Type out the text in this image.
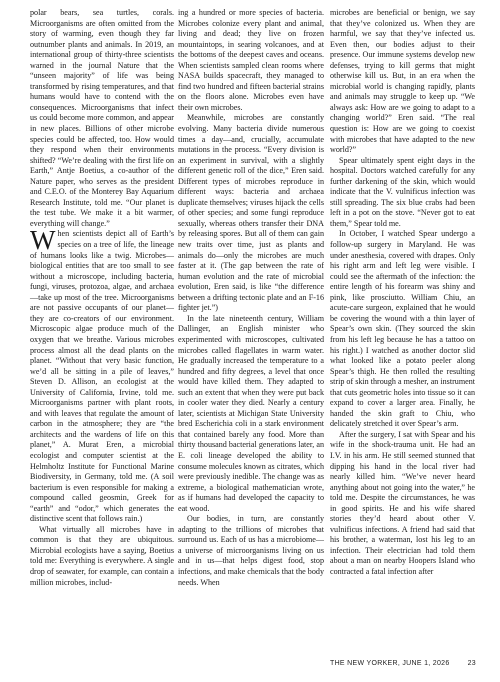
polar bears, sea turtles, corals. Microorganisms are often omitted from the story of warming, even though they far outnumber plants and animals. In 2019, an international group of thirty-three scientists warned in the journal Nature that the “unseen majority” of life was being transformed by rising temperatures, and that humans would have to contend with the consequences. Microorganisms that infect us could become more common, and appear in new places. Billions of other microbe species could be affected, too. How would they respond when their environments shifted? “We’re dealing with the first life on Earth,” Antje Boetius, a co-author of the Nature paper, who serves as the president and C.E.O. of the Monterey Bay Aquarium Research Institute, told me. “Our planet is the test tube. We make it a bit warmer, everything will change.”

When scientists depict all of Earth’s species on a tree of life, the lineage of humans looks like a twig. Microbes—biological entities that are too small to see without a microscope, including bacteria, fungi, viruses, protozoa, algae, and archaea—take up most of the tree. Microorganisms are not passive occupants of our planet—they are co-creators of our environment. Microscopic algae produce much of the oxygen that we breathe. Various microbes process almost all the dead plants on the planet. “Without that very basic function, we’d all be sitting in a pile of leaves,” Steven D. Allison, an ecologist at the University of California, Irvine, told me. Microorganisms partner with plant roots, and with leaves that regulate the amount of carbon in the atmosphere; they are “the architects and the wardens of life on this planet,” A. Murat Eren, a microbial ecologist and computer scientist at the Helmholtz Institute for Functional Marine Biodiversity, in Germany, told me. (A soil bacterium is even responsible for making a compound called geosmin, Greek for “earth” and “odor,” which generates the distinctive scent that follows rain.)

What virtually all microbes have in common is that they are ubiquitous. Microbial ecologists have a saying, Boetius told me: Everything is everywhere. A single drop of seawater, for example, can contain a million microbes, includ-

ing a hundred or more species of bacteria. Microbes colonize every plant and animal, living and dead; they live on frozen mountaintops, in searing volcanoes, and at the bottoms of the deepest caves and oceans. When scientists sampled clean rooms where NASA builds spacecraft, they managed to find two hundred and fifteen bacterial strains on the floors alone. Microbes even have their own microbes.

Meanwhile, microbes are constantly evolving. Many bacteria divide numerous times a day—and, crucially, accumulate mutations in the process. “Every division is an experiment in survival, with a slightly different genetic roll of the dice,” Eren said. Different types of microbes reproduce in different ways: bacteria and archaea duplicate themselves; viruses hijack the cells of other species; and some fungi reproduce sexually, whereas others transfer their DNA by releasing spores. But all of them can gain new traits over time, just as plants and animals do—only the microbes are much faster at it. (The gap between the rate of human evolution and the rate of microbial evolution, Eren said, is like “the difference between a drifting tectonic plate and an F-16 fighter jet.”)

In the late nineteenth century, William Dallinger, an English minister who experimented with microscopes, cultivated microbes called flagellates in warm water. He gradually increased the temperature to a hundred and fifty degrees, a level that once would have killed them. They adapted to such an extent that when they were put back in cooler water they died. Nearly a century later, scientists at Michigan State University bred Escherichia coli in a stark environment that contained barely any food. More than thirty thousand bacterial generations later, an E. coli lineage developed the ability to consume molecules known as citrates, which were previously inedible. The change was as extreme, a biological mathematician wrote, as if humans had developed the capacity to eat wood.

Our bodies, in turn, are constantly adapting to the trillions of microbes that surround us. Each of us has a microbiome—a universe of microorganisms living on us and in us—that helps digest food, stop infections, and make chemicals that the body needs. When

microbes are beneficial or benign, we say that they’ve colonized us. When they are harmful, we say that they’ve infected us. Even then, our bodies adjust to their presence. Our immune systems develop new defenses, trying to kill germs that might otherwise kill us. But, in an era when the microbial world is changing rapidly, plants and animals may struggle to keep up. “We always ask: How are we going to adapt to a changing world?” Eren said. “The real question is: How are we going to coexist with microbes that have adapted to the new world?”

Spear ultimately spent eight days in the hospital. Doctors watched carefully for any further darkening of the skin, which would indicate that the V. vulnificus infection was still spreading. The six blue crabs had been left in a pot on the stove. “Never got to eat them,” Spear told me.

In October, I watched Spear undergo a follow-up surgery in Maryland. He was under anesthesia, covered with drapes. Only his right arm and left leg were visible. I could see the aftermath of the infection: the entire length of his forearm was shiny and pink, like prosciutto. William Chiu, an acute-care surgeon, explained that he would be covering the wound with a thin layer of Spear’s own skin. (They sourced the skin from his left leg because he has a tattoo on his right.) I watched as another doctor slid what looked like a potato peeler along Spear’s thigh. He then rolled the resulting strip of skin through a mesher, an instrument that cuts geometric holes into tissue so it can expand to cover a larger area. Finally, he handed the skin graft to Chiu, who delicately stretched it over Spear’s arm.

After the surgery, I sat with Spear and his wife in the shock-trauma unit. He had an I.V. in his arm. He still seemed stunned that dipping his hand in the local river had nearly killed him. “We’ve never heard anything about not going into the water,” he told me. Despite the circumstances, he was in good spirits. He and his wife shared stories they’d heard about other V. vulnificus infections. A friend had said that his brother, a waterman, lost his leg to an infection. Their electrician had told them about a man on nearby Hoopers Island who contracted a fatal infection after

THE NEW YORKER, JUNE 1, 2026	23
